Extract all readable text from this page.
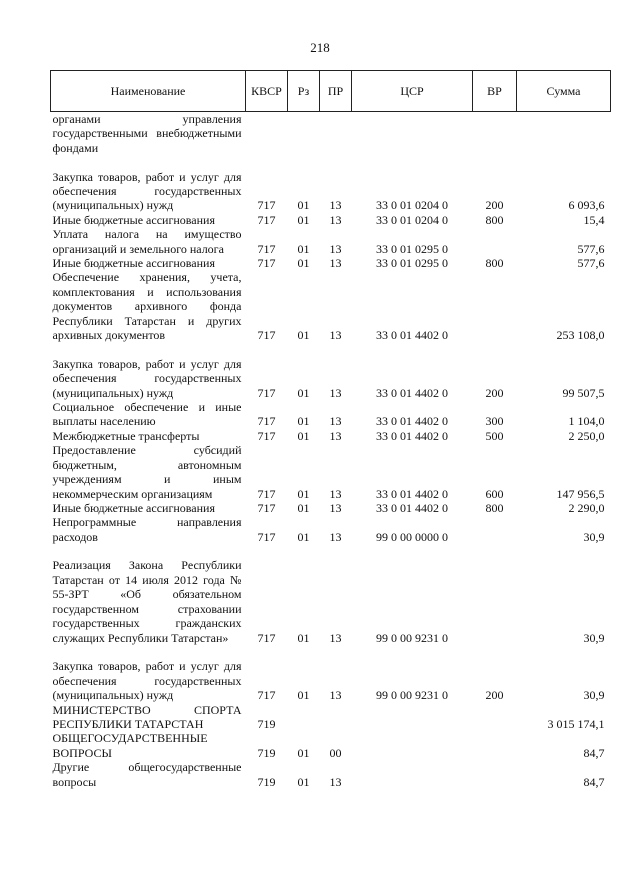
218
Наименование	КВСР	Рз	ПР	ЦСР	ВР	Сумма
органами управления государственными внебюджетными фондами						
Закупка товаров, работ и услуг для обеспечения государственных (муниципальных) нужд	717	01	13	33 0 01 0204 0	200	6 093,6
Иные бюджетные ассигнования	717	01	13	33 0 01 0204 0	800	15,4
Уплата налога на имущество организаций и земельного налога	717	01	13	33 0 01 0295 0		577,6
Иные бюджетные ассигнования	717	01	13	33 0 01 0295 0	800	577,6
Обеспечение хранения, учета, комплектования и использования документов архивного фонда Республики Татарстан и других архивных документов	717	01	13	33 0 01 4402 0		253 108,0
Закупка товаров, работ и услуг для обеспечения государственных (муниципальных) нужд	717	01	13	33 0 01 4402 0	200	99 507,5
Социальное обеспечение и иные выплаты населению	717	01	13	33 0 01 4402 0	300	1 104,0
Межбюджетные трансферты	717	01	13	33 0 01 4402 0	500	2 250,0
Предоставление субсидий бюджетным, автономным учреждениям и иным некоммерческим организациям	717	01	13	33 0 01 4402 0	600	147 956,5
Иные бюджетные ассигнования	717	01	13	33 0 01 4402 0	800	2 290,0
Непрограммные направления расходов	717	01	13	99 0 00 0000 0		30,9
Реализация Закона Республики Татарстан от 14 июля 2012 года № 55-ЗРТ «Об обязательном государственном страховании государственных гражданских служащих Республики Татарстан»	717	01	13	99 0 00 9231 0		30,9
Закупка товаров, работ и услуг для обеспечения государственных (муниципальных) нужд	717	01	13	99 0 00 9231 0	200	30,9
МИНИСТЕРСТВО СПОРТА РЕСПУБЛИКИ ТАТАРСТАН	719					3 015 174,1
ОБЩЕГОСУДАРСТВЕННЫЕ ВОПРОСЫ	719	01	00			84,7
Другие общегосударственные вопросы	719	01	13			84,7
